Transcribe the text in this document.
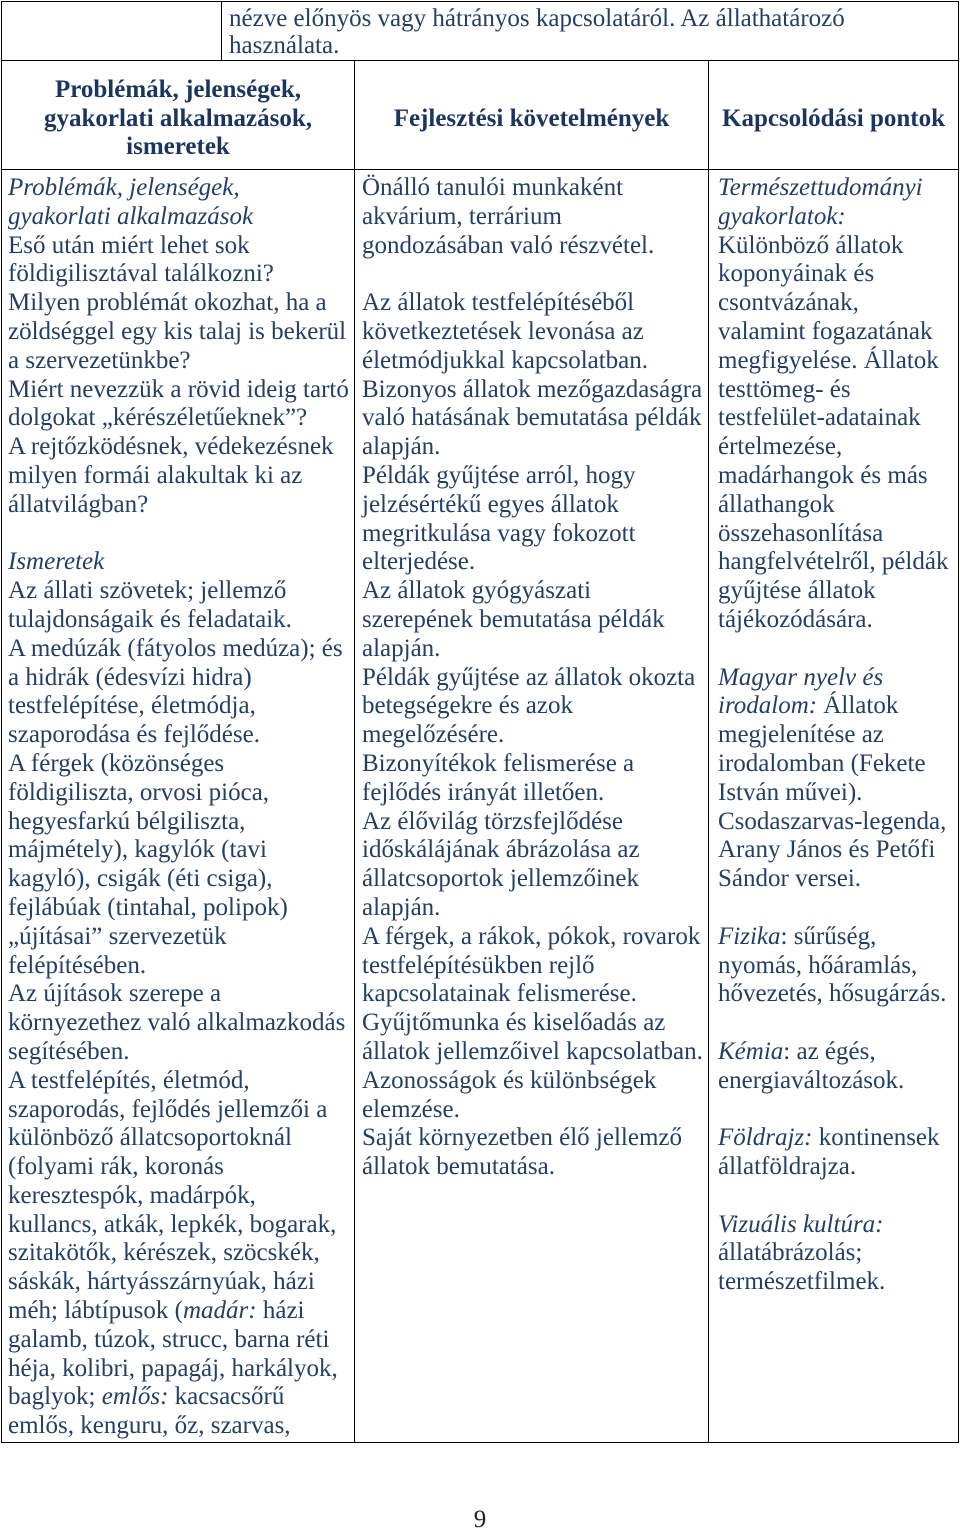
nézve előnyös vagy hátrányos kapcsolatáról. Az állathatározó
használata.
Problémák, jelenségek,
gyakorlati alkalmazások,
ismeretek
Fejlesztési követelmények Kapcsolódási pontok
Problémák, jelenségek,
gyakorlati alkalmazások
Eső után miért lehet sok
földigilisztával találkozni?
Milyen problémát okozhat, ha a
zöldséggel egy kis talaj is bekerül
a szervezetünkbe?
Miért nevezzük a rövid ideig tartó
dolgokat „kérészéletűeknek”?
A rejtőzködésnek, védekezésnek
milyen formái alakultak ki az
állatvilágban?
Ismeretek
Az állati szövetek; jellemző
tulajdonságaik és feladataik.
A medúzák (fátyolos medúza); és
a hidrák (édesvízi hidra)
testfelépítése, életmódja,
szaporodása és fejlődése.
A férgek (közönséges
földigiliszta, orvosi pióca,
hegyesfarkú bélgiliszta,
májmétely), kagylók (tavi
kagyló), csigák (éti csiga),
fejlábúak (tintahal, polipok)
„újításai” szervezetük
felépítésében.
Az újítások szerepe a
környezethez való alkalmazkodás
segítésében.
A testfelépítés, életmód,
szaporodás, fejlődés jellemzői a
különböző állatcsoportoknál
(folyami rák, koronás
keresztespók, madárpók,
kullancs, atkák, lepkék, bogarak,
szitakötők, kérészek, szöcskék,
sáskák, hártyásszárnyúak, házi
méh; lábtípusok (madár: házi
galamb, túzok, strucc, barna réti
héja, kolibri, papagáj, harkályok,
baglyok; emlős: kacsacsőrű
emlős, kenguru, őz, szarvas,
Önálló tanulói munkaként
akvárium, terrárium
gondozásában való részvétel.
Az állatok testfelépítéséből
következtetések levonása az
életmódjukkal kapcsolatban.
Bizonyos állatok mezőgazdaságra
való hatásának bemutatása példák
alapján.
Példák gyűjtése arról, hogy
jelzésértékű egyes állatok
megritkulása vagy fokozott
elterjedése.
Az állatok gyógyászati
szerepének bemutatása példák
alapján.
Példák gyűjtése az állatok okozta
betegségekre és azok
megelőzésére.
Bizonyítékok felismerése a
fejlődés irányát illetően.
Az élővilág törzsfejlődése
időskálájának ábrázolása az
állatcsoportok jellemzőinek
alapján.
A férgek, a rákok, pókok, rovarok
testfelépítésükben rejlő
kapcsolatainak felismerése.
Gyűjtőmunka és kiselőadás az
állatok jellemzőivel kapcsolatban.
Azonosságok és különbségek
elemzése.
Saját környezetben élő jellemző
állatok bemutatása.
Természettudományi
gyakorlatok:
Különböző állatok
koponyáinak és
csontvázának,
valamint fogazatának
megfigyelése. Állatok
testtömeg- és
testfelület-adatainak
értelmezése,
madárhangok és más
állathangok
összehasonlítása
hangfelvételről, példák
gyűjtése állatok
tájékozódására.
Magyar nyelv és
irodalom: Állatok
megjelenítése az
irodalomban (Fekete
István művei).
Csodaszarvas-legenda,
Arany János és Petőfi
Sándor versei.
Fizika: sűrűség,
nyomás, hőáramlás,
hővezetés, hősugárzás.
Kémia: az égés,
energiaváltozások.
Földrajz: kontinensek
állatföldrajza.
Vizuális kultúra:
állatábrázolás;
természetfilmek.
9
